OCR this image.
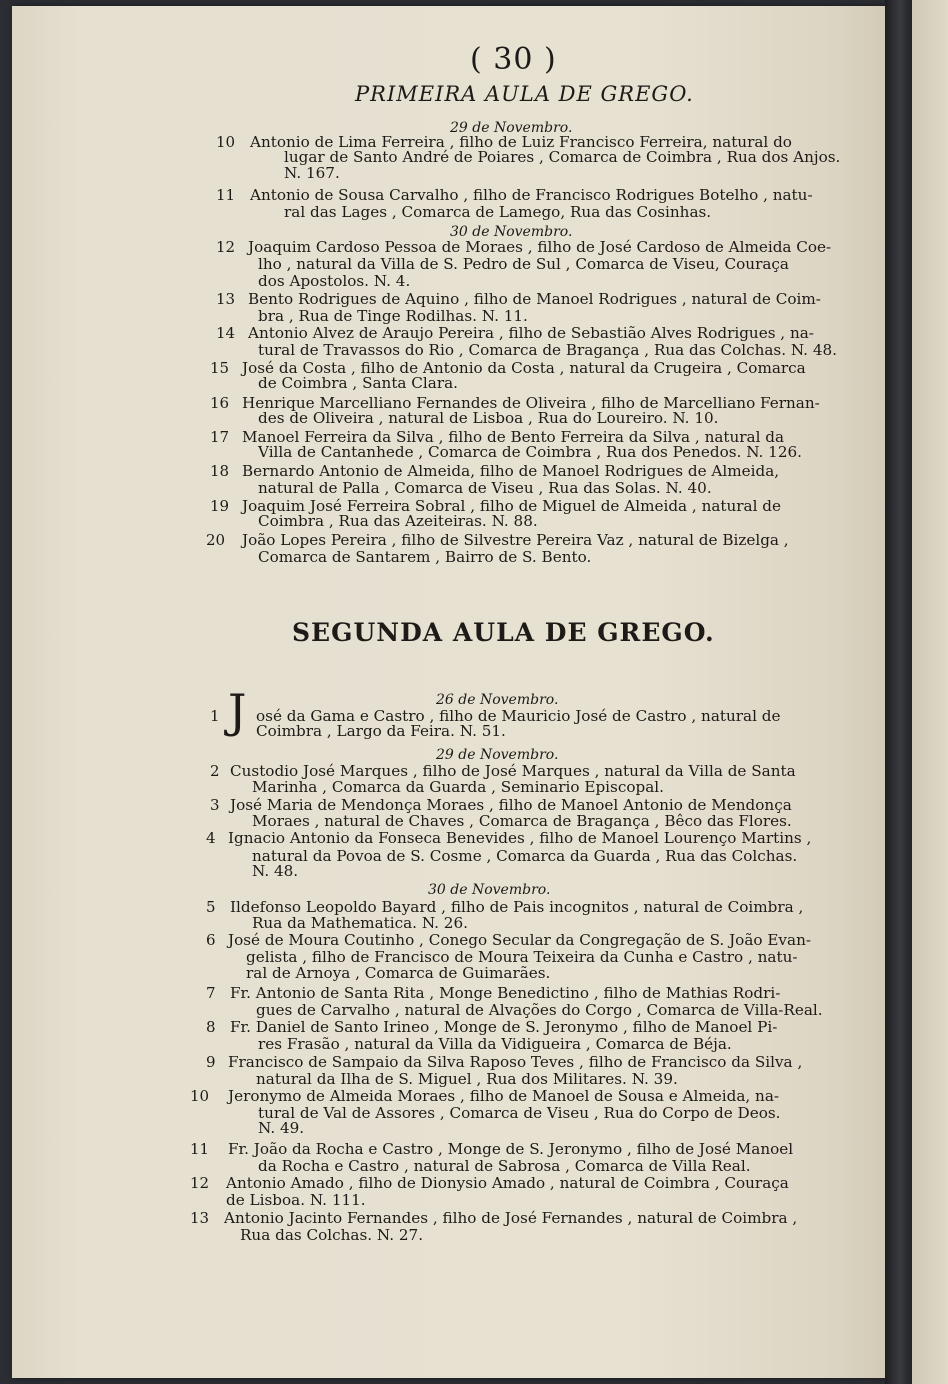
( 30 )
PRIMEIRA AULA DE GREGO.
29 de Novembro.
30 de Novembro.
10 Antonio de Lima Ferreira , filho de Luiz Francisco Ferreira, natural do
lugar de Santo André de Poiares , Comarca de Coimbra , Rua dos Anjos.
N. 167.
11 Antonio de Sousa Carvalho , filho de Francisco Rodrigues Botelho , natu-
ral das Lages , Comarca de Lamego, Rua das Cosinhas.
12 Joaquim Cardoso Pessoa de Moraes , filho de José Cardoso de Almeida Coe-
lho , natural da Villa de S. Pedro de Sul , Comarca de Viseu, Couraça
dos Apostolos. N. 4.
13 Bento Rodrigues de Aquino , filho de Manoel Rodrigues , natural de Coim-
bra , Rua de Tinge Rodilhas. N. 11.
14 Antonio Alvez de Araujo Pereira , filho de Sebastião Alves Rodrigues , na-
tural de Travassos do Rio , Comarca de Bragança , Rua das Colchas. N. 48.
15 José da Costa , filho de Antonio da Costa , natural da Crugeira , Comarca
de Coimbra , Santa Clara.
16 Henrique Marcelliano Fernandes de Oliveira , filho de Marcelliano Fernan-
des de Oliveira , natural de Lisboa , Rua do Loureiro. N. 10.
17 Manoel Ferreira da Silva , filho de Bento Ferreira da Silva , natural da
Villa de Cantanhede , Comarca de Coimbra , Rua dos Penedos. N. 126.
18 Bernardo Antonio de Almeida, filho de Manoel Rodrigues de Almeida,
natural de Palla , Comarca de Viseu , Rua das Solas. N. 40.
19 Joaquim José Ferreira Sobral , filho de Miguel de Almeida , natural de
Coimbra , Rua das Azeiteiras. N. 88.
20	João Lopes Pereira , filho de Silvestre Pereira Vaz , natural de Bizelga ,
Comarca de Santarem , Bairro de S. Bento.
SEGUNDA AULA DE GREGO.
26 de Novembro.
29 de Novembro.
30 de Novembro.
J
1	osé da Gama e Castro , filho de Mauricio José de Castro , natural de
Coimbra , Largo da Feira. N. 51.
2 Custodio José Marques , filho de José Marques , natural da Villa de Santa
Marinha , Comarca da Guarda , Seminario Episcopal.
3 José Maria de Mendonça Moraes , filho de Manoel Antonio de Mendonça
Moraes , natural de Chaves , Comarca de Bragança , Bêco das Flores.
4 Ignacio Antonio da Fonseca Benevides , filho de Manoel Lourenço Martins ,
natural da Povoa de S. Cosme , Comarca da Guarda , Rua das Colchas.
N. 48.
5 Ildefonso Leopoldo Bayard , filho de Pais incognitos , natural de Coimbra ,
Rua da Mathematica. N. 26.
6 José de Moura Coutinho , Conego Secular da Congregação de S. João Evan-
gelista , filho de Francisco de Moura Teixeira da Cunha e Castro , natu-
ral de Arnoya , Comarca de Guimarães.
7 Fr. Antonio de Santa Rita , Monge Benedictino , filho de Mathias Rodri-
gues de Carvalho , natural de Alvações do Corgo , Comarca de Villa-Real.
8 Fr. Daniel de Santo Irineo , Monge de S. Jeronymo , filho de Manoel Pi-
res Frasão , natural da Villa da Vidigueira , Comarca de Béja.
9 Francisco de Sampaio da Silva Raposo Teves , filho de Francisco da Silva ,
natural da Ilha de S. Miguel , Rua dos Militares. N. 39.
10	Jeronymo de Almeida Moraes , filho de Manoel de Sousa e Almeida, na-
tural de Val de Assores , Comarca de Viseu , Rua do Corpo de Deos.
N. 49.
11	Fr. João da Rocha e Castro , Monge de S. Jeronymo , filho de José Manoel
da Rocha e Castro , natural de Sabrosa , Comarca de Villa Real.
12	Antonio Amado , filho de Dionysio Amado , natural de Coimbra , Couraça
de Lisboa. N. 111.
13 Antonio Jacinto Fernandes , filho de José Fernandes , natural de Coimbra ,
Rua das Colchas. N. 27.
